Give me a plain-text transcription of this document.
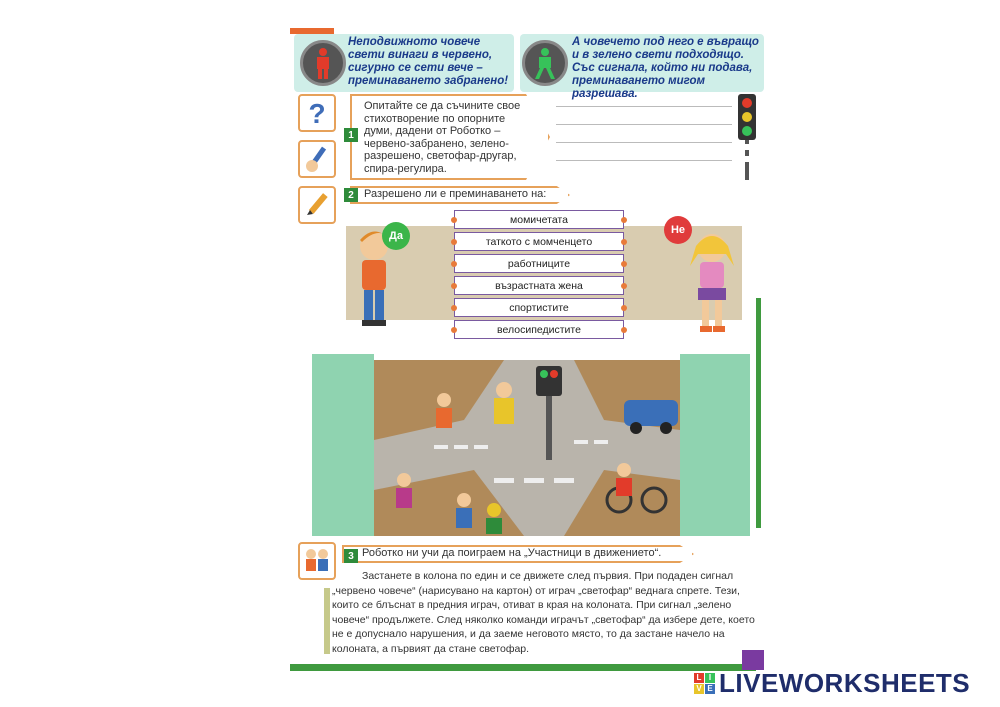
Неподвижното човече
свети винаги в червено,
сигурно се сети вече –
преминаването забранено!
А човечето под него е въвращо
и в зелено свети подходящо.
Със сигнала, който ни подава,
преминаването мигом разрешава.
?
1
Опитайте се да съчините свое
стихотворение по опорните
думи, дадени от Роботко –
червено-забранено, зелено-
разрешено, светофар-другар,
спира-регулира.
2 Разрешено ли е преминаването на:
Да
момичетата
таткото с момченцето
работниците
възрастната жена
спортистите
велосипедистите
Не
3 Роботко ни учи да поиграем на „Участници в движението“.
Застанете в колона по един и се движете след първия. При подаден сигнал „червено човече“ (нарисувано на картон) от играч „светофар“ веднага спрете. Тези, които се блъснат в предния играч, отиват в края на колоната. При сигнал „зелено човече“ продължете. След няколко команди играчът „светофар“ да избере дете, което не е допуснало нарушения, и да заеме неговото място, то да застане начело на колоната, а първият да стане светофар.
L I
V E LIVEWORKSHEETS
